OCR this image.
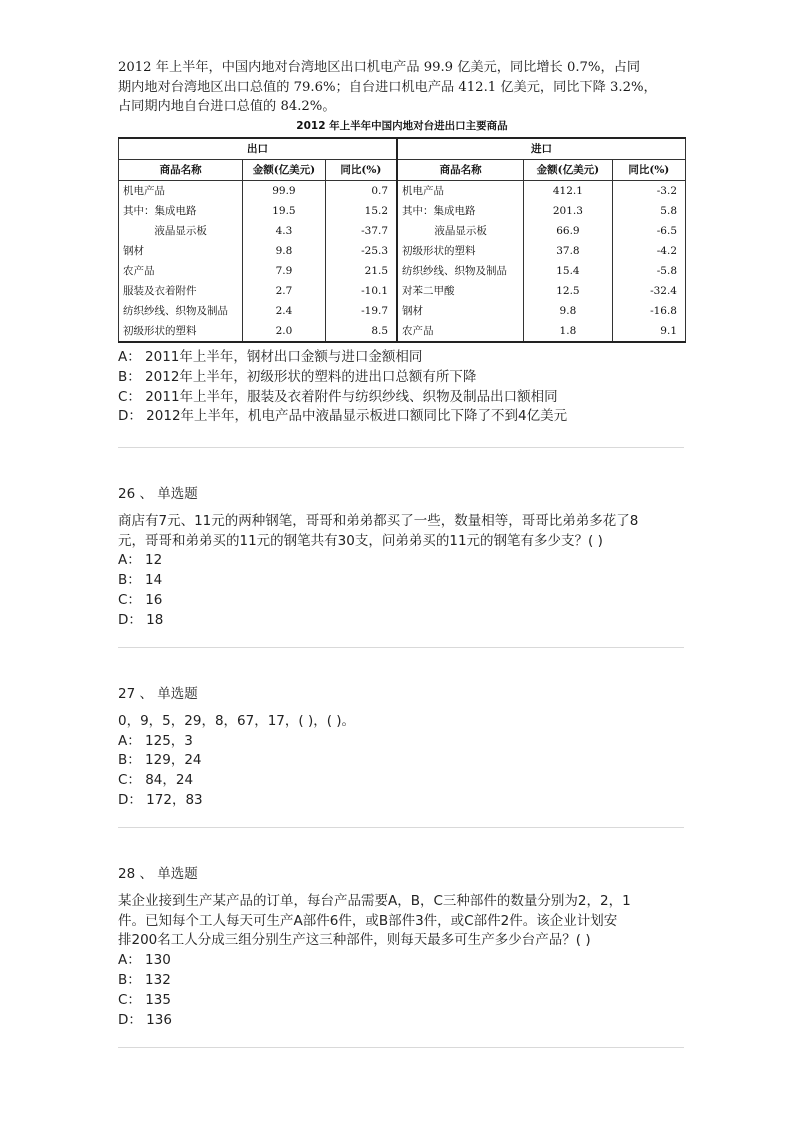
2012 年上半年，中国内地对台湾地区出口机电产品 99.9 亿美元，同比增长 0.7%，占同
期内地对台湾地区出口总值的 79.6%；自台进口机电产品 412.1 亿美元，同比下降 3.2%，
占同期内地自台进口总值的 84.2%。
2012 年上半年中国内地对台进出口主要商品
出口			进口		
商品名称	金额(亿美元)	同比(%)	商品名称	金额(亿美元)	同比(%)
机电产品	99.9	0.7	机电产品	412.1	-3.2
其中：集成电路	19.5	15.2	其中：集成电路	201.3	5.8
液晶显示板	4.3	-37.7	液晶显示板	66.9	-6.5
钢材	9.8	-25.3	初级形状的塑料	37.8	-4.2
农产品	7.9	21.5	纺织纱线、织物及制品	15.4	-5.8
服装及衣着附件	2.7	-10.1	对苯二甲酸	12.5	-32.4
纺织纱线、织物及制品	2.4	-19.7	钢材	9.8	-16.8
初级形状的塑料	2.0	8.5	农产品	1.8	9.1
A： 2011年上半年，钢材出口金额与进口金额相同
B： 2012年上半年，初级形状的塑料的进出口总额有所下降
C： 2011年上半年，服装及衣着附件与纺织纱线、织物及制品出口额相同
D： 2012年上半年，机电产品中液晶显示板进口额同比下降了不到4亿美元
26 、 单选题
商店有7元、11元的两种钢笔，哥哥和弟弟都买了一些，数量相等，哥哥比弟弟多花了8
元，哥哥和弟弟买的11元的钢笔共有30支，问弟弟买的11元的钢笔有多少支？( )
A： 12
B： 14
C： 16
D： 18
27 、 单选题
0，9，5，29，8，67，17，( )，( )。
A： 125，3
B： 129，24
C： 84，24
D： 172，83
28 、 单选题
某企业接到生产某产品的订单，每台产品需要A，B，C三种部件的数量分别为2，2，1
件。已知每个工人每天可生产A部件6件，或B部件3件，或C部件2件。该企业计划安
排200名工人分成三组分别生产这三种部件，则每天最多可生产多少台产品？( )
A： 130
B： 132
C： 135
D： 136
